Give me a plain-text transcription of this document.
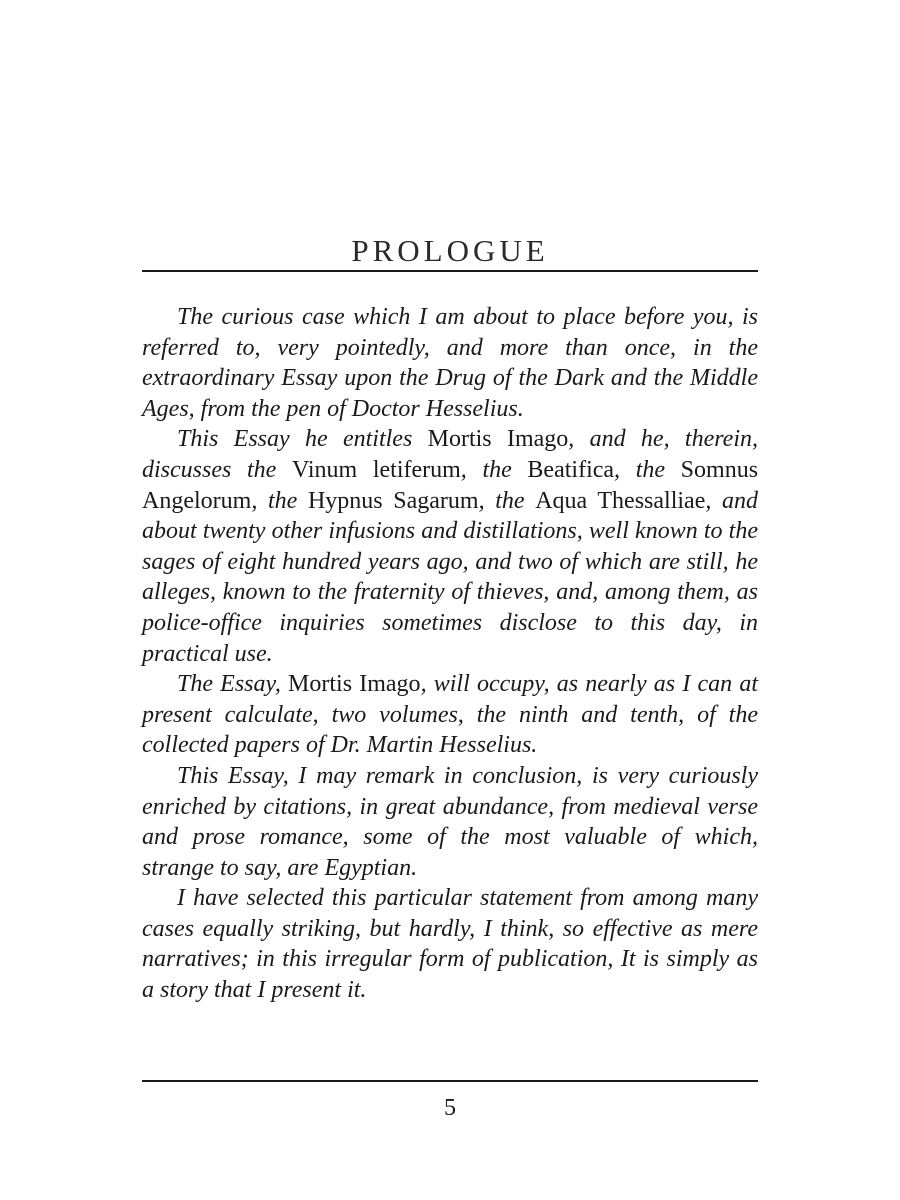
PROLOGUE

The curious case which I am about to place before you, is referred to, very pointedly, and more than once, in the extraordinary Essay upon the Drug of the Dark and the Middle Ages, from the pen of Doctor Hesselius.

This Essay he entitles Mortis Imago, and he, therein, discusses the Vinum letiferum, the Beatifica, the Somnus Angelorum, the Hypnus Sagarum, the Aqua Thessalliae, and about twenty other infusions and distillations, well known to the sages of eight hundred years ago, and two of which are still, he alleges, known to the fraternity of thieves, and, among them, as police-office inquiries sometimes disclose to this day, in practical use.

The Essay, Mortis Imago, will occupy, as nearly as I can at present calculate, two volumes, the ninth and tenth, of the collected papers of Dr. Martin Hesselius.

This Essay, I may remark in conclusion, is very curiously enriched by citations, in great abundance, from medieval verse and prose romance, some of the most valuable of which, strange to say, are Egyptian.

I have selected this particular statement from among many cases equally striking, but hardly, I think, so effective as mere narratives; in this irregular form of publication, It is simply as a story that I present it.

5
